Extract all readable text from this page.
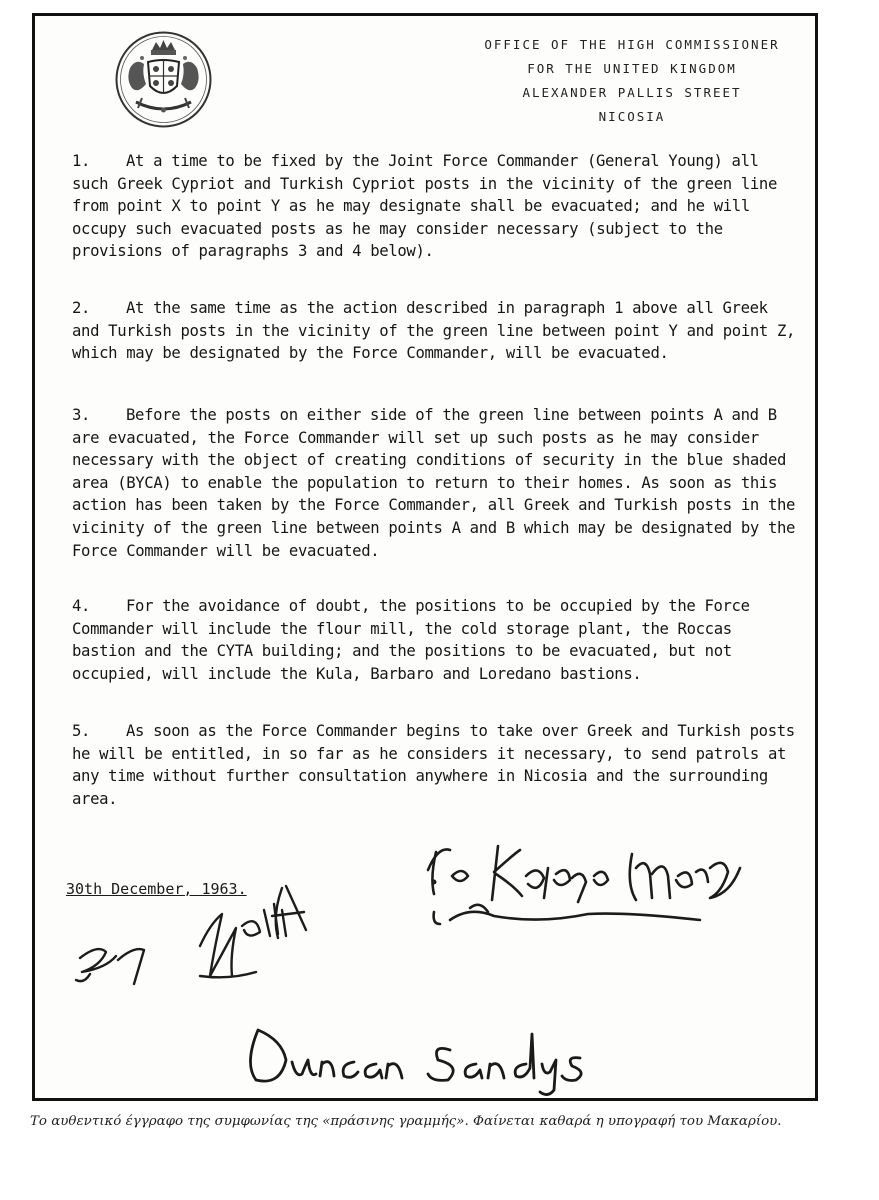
OFFICE OF THE HIGH COMMISSIONER
FOR THE UNITED KINGDOM
ALEXANDER PALLIS STREET
NICOSIA
1. At a time to be fixed by the Joint Force Commander (General Young) all such Greek Cypriot and Turkish Cypriot posts in the vicinity of the green line from point X to point Y as he may designate shall be evacuated; and he will occupy such evacuated posts as he may consider necessary (subject to the provisions of paragraphs 3 and 4 below).
2. At the same time as the action described in paragraph 1 above all Greek and Turkish posts in the vicinity of the green line between point Y and point Z, which may be designated by the Force Commander, will be evacuated.
3. Before the posts on either side of the green line between points A and B are evacuated, the Force Commander will set up such posts as he may consider necessary with the object of creating conditions of security in the blue shaded area (BYCA) to enable the population to return to their homes. As soon as this action has been taken by the Force Commander, all Greek and Turkish posts in the vicinity of the green line between points A and B which may be designated by the Force Commander will be evacuated.
4. For the avoidance of doubt, the positions to be occupied by the Force Commander will include the flour mill, the cold storage plant, the Roccas bastion and the CYTA building; and the positions to be evacuated, but not occupied, will include the Kula, Barbaro and Loredano bastions.
5. As soon as the Force Commander begins to take over Greek and Turkish posts he will be entitled, in so far as he considers it necessary, to send patrols at any time without further consultation anywhere in Nicosia and the surrounding area.
30th December, 1963.
Το αυθεντικό έγγραφο της συμφωνίας της «πράσινης γραμμής». Φαίνεται καθαρά η υπογραφή του Μακαρίου.
